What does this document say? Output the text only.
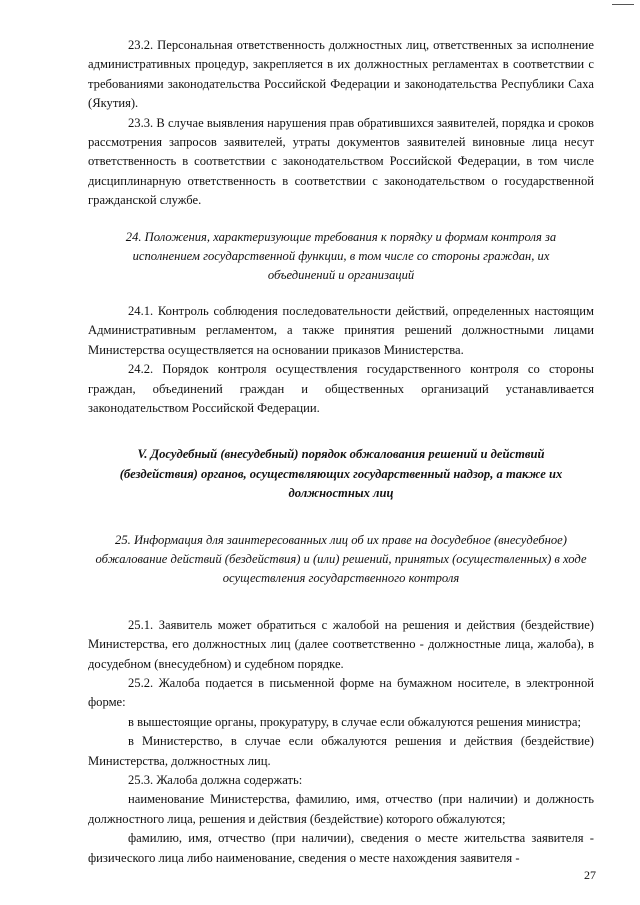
23.2. Персональная ответственность должностных лиц, ответственных за исполнение административных процедур, закрепляется в их должностных регламентах в соответствии с требованиями законодательства Российской Федерации и законодательства Республики Саха (Якутия).

23.3. В случае выявления нарушения прав обратившихся заявителей, порядка и сроков рассмотрения запросов заявителей, утраты документов заявителей виновные лица несут ответственность в соответствии с законодательством Российской Федерации, в том числе дисциплинарную ответственность в соответствии с законодательством о государственной гражданской службе.

24. Положения, характеризующие требования к порядку и формам контроля за исполнением государственной функции, в том числе со стороны граждан, их объединений и организаций

24.1. Контроль соблюдения последовательности действий, определенных настоящим Административным регламентом, а также принятия решений должностными лицами Министерства осуществляется на основании приказов Министерства.

24.2. Порядок контроля осуществления государственного контроля со стороны граждан, объединений граждан и общественных организаций устанавливается законодательством Российской Федерации.

V. Досудебный (внесудебный) порядок обжалования решений и действий (бездействия) органов, осуществляющих государственный надзор, а также их должностных лиц

25. Информация для заинтересованных лиц об их праве на досудебное (внесудебное) обжалование действий (бездействия) и (или) решений, принятых (осуществленных) в ходе осуществления государственного контроля

25.1. Заявитель может обратиться с жалобой на решения и действия (бездействие) Министерства, его должностных лиц (далее соответственно - должностные лица, жалоба), в досудебном (внесудебном) и судебном порядке.

25.2. Жалоба подается в письменной форме на бумажном носителе, в электронной форме:

в вышестоящие органы, прокуратуру, в случае если обжалуются решения министра;

в Министерство, в случае если обжалуются решения и действия (бездействие) Министерства, должностных лиц.

25.3. Жалоба должна содержать:

наименование Министерства, фамилию, имя, отчество (при наличии) и должность должностного лица, решения и действия (бездействие) которого обжалуются;

фамилию, имя, отчество (при наличии), сведения о месте жительства заявителя - физического лица либо наименование, сведения о месте нахождения заявителя -

27
